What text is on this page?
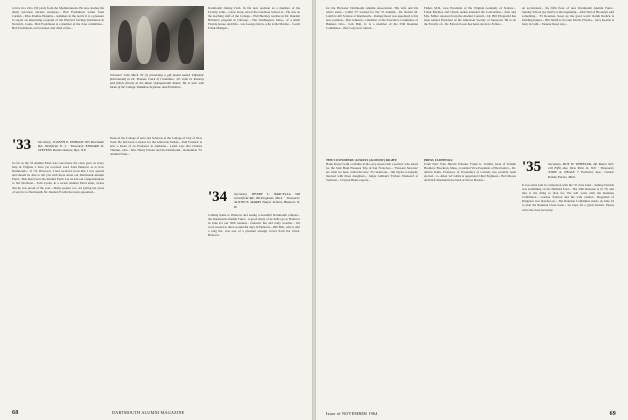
to live in a villa 150 yards from the Mediterranean. He now studies the many priceless ancient treasures... Bob Fredrikson writes from Carmel... Miss Pauline Hopkins... summers in the north. It is a pleasure to report an interesting program of the Harvard Savings Institution in Norwich, Conn... Bob Fredrikson is a member of the class committee... Bob Fredrikson, our treasurer and chief of the...
'33 Secretary, JOSEPH E. HOBSON 303 Riverdale Rd., Westfield, N. J. · Treasurer, EDWARD D. STEVENS Daniel Avenue, Rye, N.Y.
So far as the 33 Alumni Fund was concerned, the class gave us every help in Virginia. I have yet received word from Hanover as to how Dartmouth... of '33. However, I had received word that I was quoted and should be able to tell you with more about our Dartmouth Alumni Fund... Bob Reed won the Alumni Fund. Let us add our congratulations to Sid Nettleton... Tom Lyons, in a recent Alumni Fund letter, writes that he was proud of the year... Many people, too, are giving ten years of service to Dartmouth. Dr. Reuben Frodin has been appointed...
Treasurer John Meck '33 (r) presenting a gift bound award 'Diploma' (Dartmouth) to Dr. Thomas Clark of Columbia... Dr. John D. Kemeny and fellow faculty at the Rome Quinquennial dinner. He is seen with Dean of the College Thaddeus Seymour, and President...
Dean of the College of Arts and Sciences at the College of City of New York. He had been a trustee for the American Indian... Paul Frederic is now a Dean of an Professor in Alabama... Lamb says that Charles Thomas, who... Mrs. Henry Dexter and the Dartmouth... Remember '33 Alumni Fund...
Dartmouth Outing Club. In his new position as a member of the Faculty, John... a new book, and at the Graduate School at... He was on the teaching staff of the College... Phil Buckley teaches in Dr. Randall Brittain's program in Chicago... The Washington, Mass., of a small Florida house, and this... was George Davis, who is the Marine... Coach Frank Mangan...
'34 Secretary, HENRY L. BARCELLA 348 Greenfield Rd., Birmingham, Mich. · Treasurer, AUSTIN E. MARRS Thayer School, Hanover, N. H.
Coming home to Hanover and seeing a beautiful Dartmouth campus... the Dartmouth Alumni Fund... A good many of us didn't go to Hanover in June for our 30th reunion... fantastic fun and rainy weather... We were treated to three wonderful days in Hanover... Bill Bell, who is still a long list, was one of a pleasant enough crowd from the Town, Hanover.
68	DARTMOUTH ALUMNI MAGAZINE
for the Brewster Dartmouth Alumni Association. His wife and his wife's sister... Cahill '27 worked for the '35 Alumni... Dr. Robert M. Lamb is still Science at Dartmouth... Rodney Reed was appointed to his new position... Bob Johnson, a member of the Executive Committee of Bankers Life... Jack Ball, Jr. is a member of the 25th Reunion Committee... Bob Gray now retired...
THE CUSTOMERS' ALWAYS (ALMOST) RIGHT:
Hank Fraser (with a twinkle in his eye) reports that a pollster who asked for the Sam Hunt Pleasure Trip in San Francisco... 'Pleasant Surprise' are what we have called the new '35 classbook... Jim Taylor is happily married with three daughters... Judge Gilman's 'Fathers Weekend' at Vermont... Clayton Blake reports...
Fisher, M.D., new President of the Virginia Academy of Science... Frank Buckley and Chuck Alden attended the Convention... Paul and Mrs. Miller reported from the Alumni Council... Dr. Bill Fitzgerald has been named President of the American Society of Surgeons. He is on the Faculty of... Dr. Edward Leon has been elected a Fellow...
PRESS CLIPPINGS:
From New York Herald Tribune: Frank G. Tomlin, head of Tomlin Brothers, Brockton, Mass., is named Vice-President of Electronics... Dr. Alfred Kahn, Professor of Economics at Cornell, has recently been elected... G. Allen 'Al' Gibbs is appointed Chief Engineer... Bob Moore and Dick Sherman have been active in Boston...
an accelerated... the fifth floor of new Dartmouth Alumni Fund... Sunday School (by mail!) at the beginning... John Witt of Brooklyn said something... '35 Reunion. Keep up the good work! Ralph Redick is building homes... Bill Smith is in Lake Worth, Florida... Jerry Kearns is busy in Calif... Eleanor Reed says...
'35 Secretary, ROY W. WHEELER, JR. Room 925, 110 Fifth Ave. New York 11, N.Y. · Treasurer, JOHN A. NEALE 7 Fairview Ave., Grosse Pointe Farms, Mich.
It was often said in connection with the '35 class fund... Johnny Derrick was swimming 'at the Hatfield Pool... The 35th Reunion is in '70, and that is the thing to plan for. We will work with the Reunion Committee... Gordon Stratton and his wife visited... Hogeland of Kingston was married on... The Reunion Committee meets on June 10 to plan the Reunion Class book... we hope for a great turnout. Please write the class secretary.
Issue of NOVEMBER 1964	69
